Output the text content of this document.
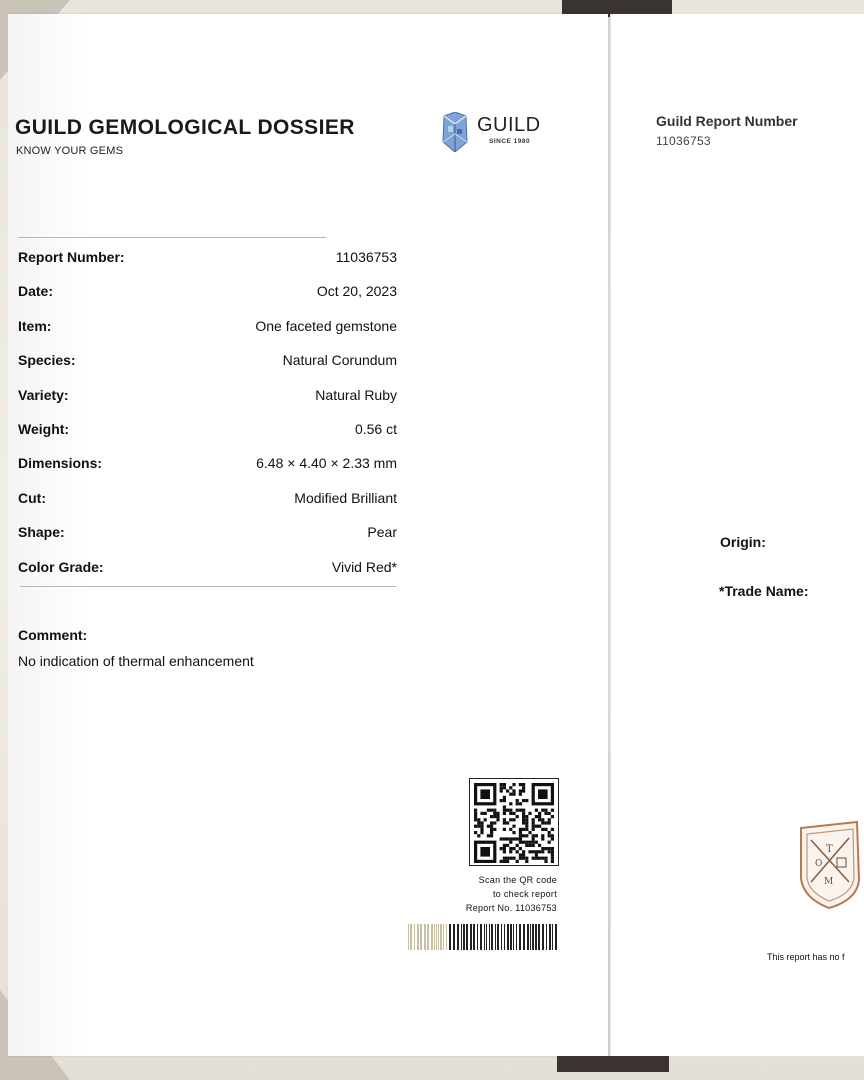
GUILD GEMOLOGICAL DOSSIER
KNOW YOUR GEMS
GUILD
SINCE 1980
Report Number:	11036753
Date:	Oct 20, 2023
Item:	One faceted gemstone
Species:	Natural Corundum
Variety:	Natural Ruby
Weight:	0.56 ct
Dimensions:	6.48 × 4.40 × 2.33 mm
Cut:	Modified Brilliant
Shape:	Pear
Color Grade:	Vivid Red*
Comment:
No indication of thermal enhancement
Scan the QR code
to check report
Report No. 11036753
Guild Report Number
11036753
Origin:
*Trade Name:
T
O
M
This report has no f
